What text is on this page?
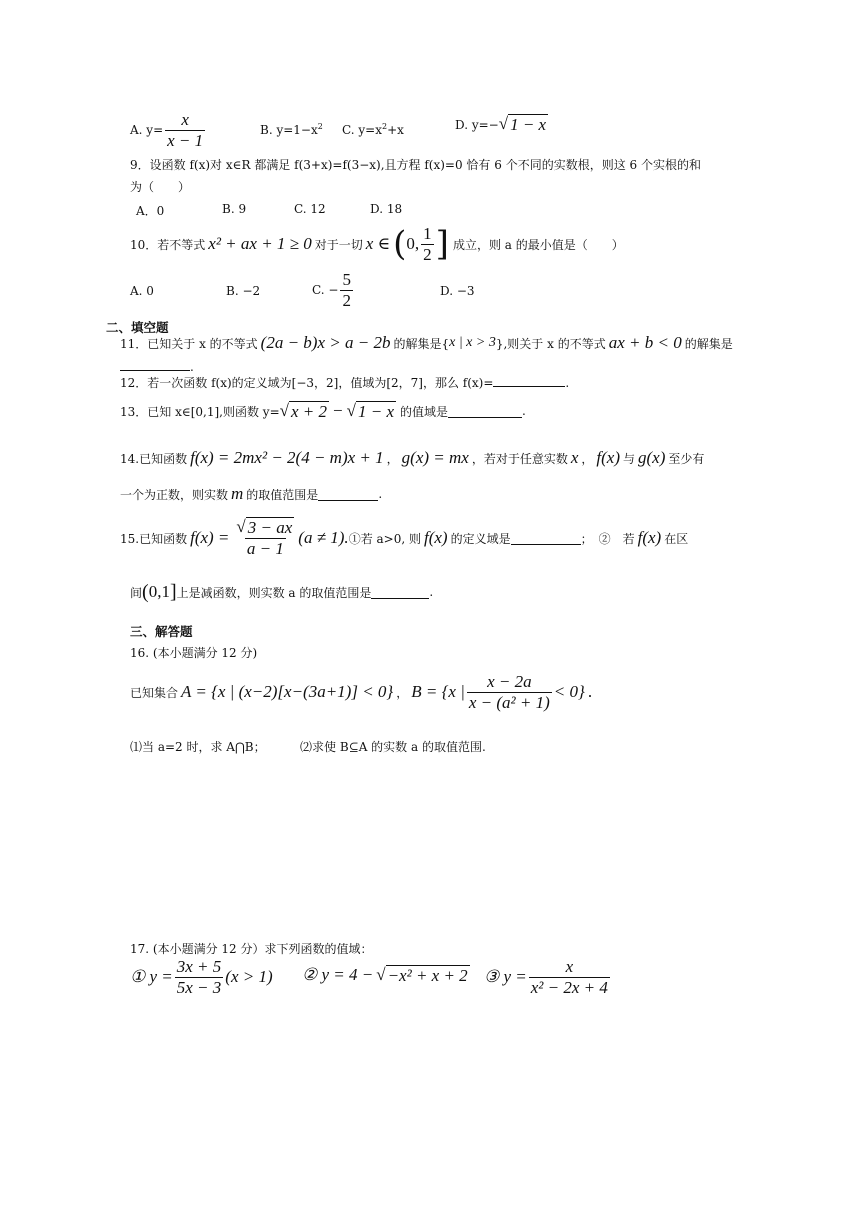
A. $y= \frac{x}{x - 1}$	B. $y=1-x^2$ C. $y=x^2+x$	D. y=− √ 1 − x
9．设函数 f(x)对 x∈R 都满足 f(3+x)=f(3−x),且方程 f(x)=0 恰有 6 个不同的实数根，则这 6 个实根的和
为（　　）
A．0	B. 9	C. 12	D. 18
10．若不等式 x² + ax + 1 ≥ 0 对于一切 x ∈ ( 0, $\frac{1}{2}$ ] 成立，则 a 的最小值是（　　）
A. 0	B. −2	C. − $\frac{5}{2}$	D. −3
二、填空题
11．已知关于 x 的不等式 (2a − b)x > a − 2b 的解集是{ x | x > 3 },则关于 x 的不等式 ax + b < 0 的解集是
.
12．若一次函数 f(x)的定义域为[−3，2]，值域为[2，7]，那么 f(x)=	.
13．已知 x∈[0,1],则函数 y= √ x + 2 − √ 1 − x 的值域是	.
14.已知函数 f(x) = 2mx² − 2(4 − m)x + 1 ， g(x) = mx ，若对于任意实数 x ， f(x) 与 g(x) 至少有
一个为正数，则实数 m 的取值范围是	.
15.已知函数 $f(x) = \frac{√ 3 - ax}{a - 1} (a \ne 1)$. ①若 a>0, 则 f(x) 的定义域是	；　②　若 f(x) 在区
间 ( 0,1 ] 上是减函数，则实数 a 的取值范围是	.
三、解答题
16. (本小题满分 12 分)
已知集合 A = {x | (x−2)[x−(3a+1)] < 0} ， B = {x | $\frac{x - 2a}{\text{x − (a² + 1)}} < 0$} .
⑴当 a=2 时，求 A⋂B；	⑵求使 B⊆A 的实数 a 的取值范围.
17. (本小题满分 12 分）求下列函数的值域：
① $y = \frac{3x + 5}{5x - 3} (x > 1)$ ② y = 4 − √ −x² + x + 2 ③ $y = \frac{x}{\text{x² − 2x + 4}}$
